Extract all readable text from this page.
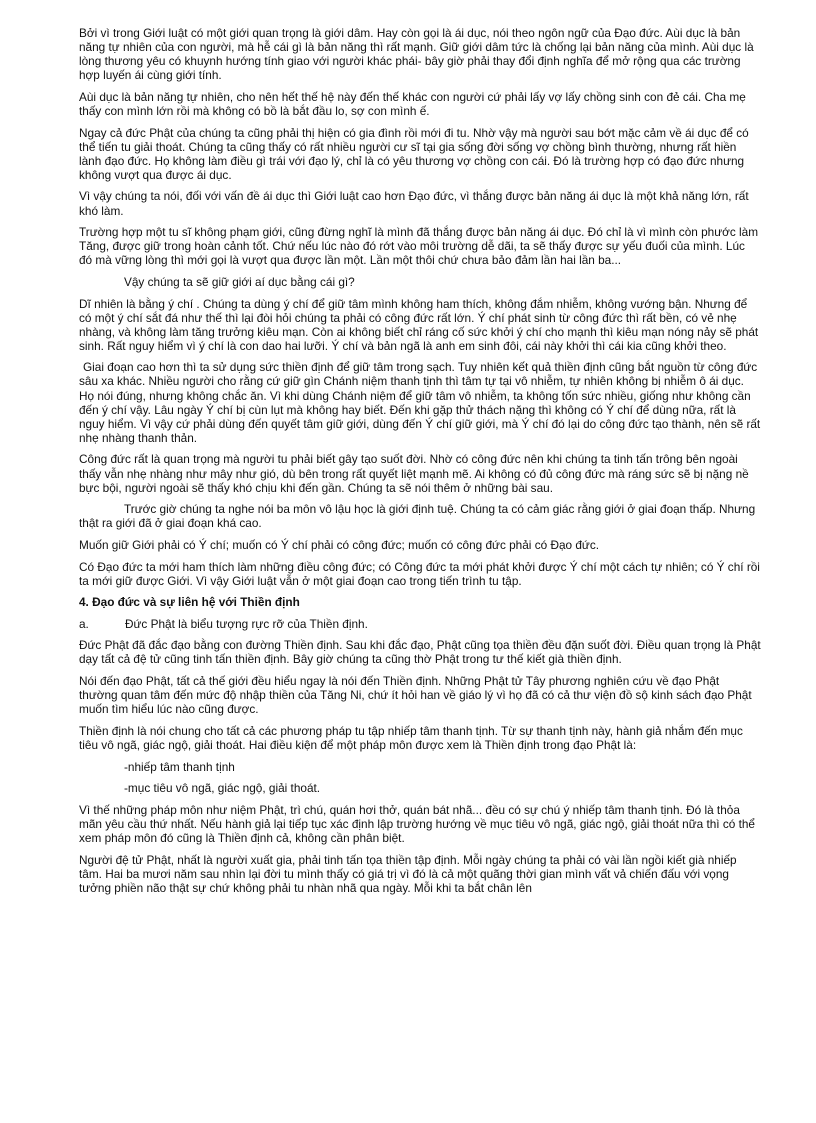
Bởi vì trong Giới luật có một giới quan trọng là giới dâm. Hay còn gọi là ái dục, nói theo ngôn ngữ của Đạo đức. Aùi dục là bản năng tự nhiên của con người, mà hễ cái gì là bản năng thì rất mạnh. Giữ giới dâm tức là chống lại bản năng của mình. Aùi dục là lòng thương yêu có khuynh hướng tính giao với người khác phái- bây giờ phải thay đổi định nghĩa để mở rộng qua các trường hợp luyến ái cùng giới tính.

Aùi dục là bản năng tự nhiên, cho nên hết thế hệ này đến thế khác con người cứ phải lấy vợ lấy chồng sinh con đẻ cái. Cha mẹ thấy con mình lớn rồi mà không có bồ là bắt đầu lo, sợ con mình ế.

Ngay cả đức Phật của chúng ta cũng phải thị hiện có gia đình rồi mới đi tu. Nhờ vậy mà người sau bớt mặc cảm về ái dục để có thể tiến tu giải thoát. Chúng ta cũng thấy có rất nhiều người cư sĩ tại gia sống đời sống vợ chồng bình thường, nhưng rất hiền lành đạo đức. Họ không làm điều gì trái với đạo lý, chỉ là có yêu thương vợ chồng con cái. Đó là trường hợp có đạo đức nhưng không vượt qua được ái dục.

Vì vậy chúng ta nói, đối với vấn đề ái dục thì Giới luật cao hơn Đạo đức, vì thắng được bản năng ái dục là một khả năng lớn, rất khó làm.

Trường hợp một tu sĩ không phạm giới, cũng đừng nghĩ là mình đã thắng được bản năng ái dục. Đó chỉ là vì mình còn phước làm Tăng, được giữ trong hoàn cảnh tốt. Chứ nếu lúc nào đó rớt vào môi trường dễ dãi, ta sẽ thấy được sự yếu đuối của mình. Lúc đó mà vững lòng thì mới gọi là vượt qua được lần một. Lần một thôi chứ chưa bảo đảm lần hai lần ba...

Vậy chúng ta sẽ giữ giới aí dục bằng cái gì?

Dĩ nhiên là bằng ý chí . Chúng ta dùng ý chí để giữ tâm mình không ham thích, không đắm nhiễm, không vướng bận. Nhưng để có một ý chí sắt đá như thế thì lại đòi hỏi chúng ta phải có công đức rất lớn. Ý chí phát sinh từ công đức thì rất bền, có vẻ nhẹ nhàng, và không làm tăng trưởng kiêu mạn. Còn ai không biết chỉ ráng cố sức khởi ý chí cho mạnh thì kiêu mạn nóng nảy sẽ phát sinh. Rất nguy hiểm vì ý chí là con dao hai lưỡi. Ý chí và bản ngã là anh em sinh đôi, cái này khởi thì cái kia cũng khởi theo.

Giai đoạn cao hơn thì ta sử dụng sức thiền định để giữ tâm trong sạch. Tuy nhiên kết quả thiền định cũng bắt nguồn từ công đức sâu xa khác. Nhiều người cho rằng cứ giữ gìn Chánh niệm thanh tịnh thì tâm tự tại vô nhiễm, tự nhiên không bị nhiễm ô ái dục. Họ nói đúng, nhưng không chắc ăn. Vì khi dùng Chánh niệm để giữ tâm vô nhiễm, ta không tốn sức nhiều, giống như không cần đến ý chí vậy. Lâu ngày Ý chí bị cùn lụt mà không hay biết. Đến khi gặp thử thách nặng thì không có Ý chí để dùng nữa, rất là nguy hiểm. Vì vậy cứ phải dùng đến quyết tâm giữ giới, dùng đến Ý chí giữ giới, mà Ý chí đó lại do công đức tạo thành, nên sẽ rất nhẹ nhàng thanh thản.

Công đức rất là quan trọng mà người tu phải biết gây tạo suốt đời. Nhờ có công đức nên khi chúng ta tinh tấn trông bên ngoài thấy vẫn nhẹ nhàng như mây như gió, dù bên trong rất quyết liệt mạnh mẽ. Ai không có đủ công đức mà ráng sức sẽ bị nặng nề bực bội, người ngoài sẽ thấy khó chịu khi đến gần. Chúng ta sẽ nói thêm ở những bài sau.

Trước giờ chúng ta nghe nói ba môn vô lậu học là giới định tuệ. Chúng ta có cảm giác rằng giới ở giai đoạn thấp. Nhưng thật ra giới đã ở giai đoạn khá cao.

Muốn giữ Giới phải có Ý chí; muốn có Ý chí phải có công đức; muốn có công đức phải có Đạo đức.

Có Đạo đức ta mới ham thích làm những điều công đức; có Công đức ta mới phát khởi được Ý chí một cách tự nhiên; có Ý chí rồi ta mới giữ được Giới. Vì vậy Giới luật vẫn ở một giai đoạn cao trong tiến trình tu tập.

4. Đạo đức và sự liên hệ với Thiền định

a.	Đức Phật là biểu tượng rực rỡ của Thiền định.

Đức Phật đã đắc đạo bằng con đường Thiền định. Sau khi đắc đạo, Phật cũng tọa thiền đều đặn suốt đời. Điều quan trọng là Phật dạy tất cả đệ tử cũng tinh tấn thiền định. Bây giờ chúng ta cũng thờ Phật trong tư thế kiết già thiền định.

Nói đến đạo Phật, tất cả thế giới đều hiểu ngay là nói đến Thiền định. Những Phật tử Tây phương nghiên cứu về đạo Phật thường quan tâm đến mức độ nhập thiền của Tăng Ni, chứ ít hỏi han về giáo lý vì họ đã có cả thư viện đồ sộ kinh sách đạo Phật muốn tìm hiểu lúc nào cũng được.

Thiền định là nói chung cho tất cả các phương pháp tu tập nhiếp tâm thanh tịnh. Từ sự thanh tịnh này, hành giả nhắm đến mục tiêu vô ngã, giác ngộ, giải thoát. Hai điều kiện để một pháp môn được xem là Thiền định trong đạo Phật là:

-nhiếp tâm thanh tịnh

-mục tiêu vô ngã, giác ngộ, giải thoát.

Vì thế những pháp môn như niệm Phật, trì chú, quán hơi thở, quán bát nhã... đều có sự chú ý nhiếp tâm thanh tịnh. Đó là thỏa mãn yêu cầu thứ nhất. Nếu hành giả lại tiếp tục xác định lập trường hướng về mục tiêu vô ngã, giác ngộ, giải thoát nữa thì có thể xem pháp môn đó cũng là Thiền định cả, không cần phân biệt.

Người đệ tử Phật, nhất là người xuất gia, phải tinh tấn tọa thiền tập định. Mỗi ngày chúng ta phải có vài lần ngồi kiết già nhiếp tâm. Hai ba mươi năm sau nhìn lại đời tu mình thấy có giá trị vì đó là cả một quãng thời gian mình vất vả chiến đấu với vọng tưởng phiền não thật sự chứ không phải tu nhàn nhã qua ngày. Mỗi khi ta bắt chân lên
